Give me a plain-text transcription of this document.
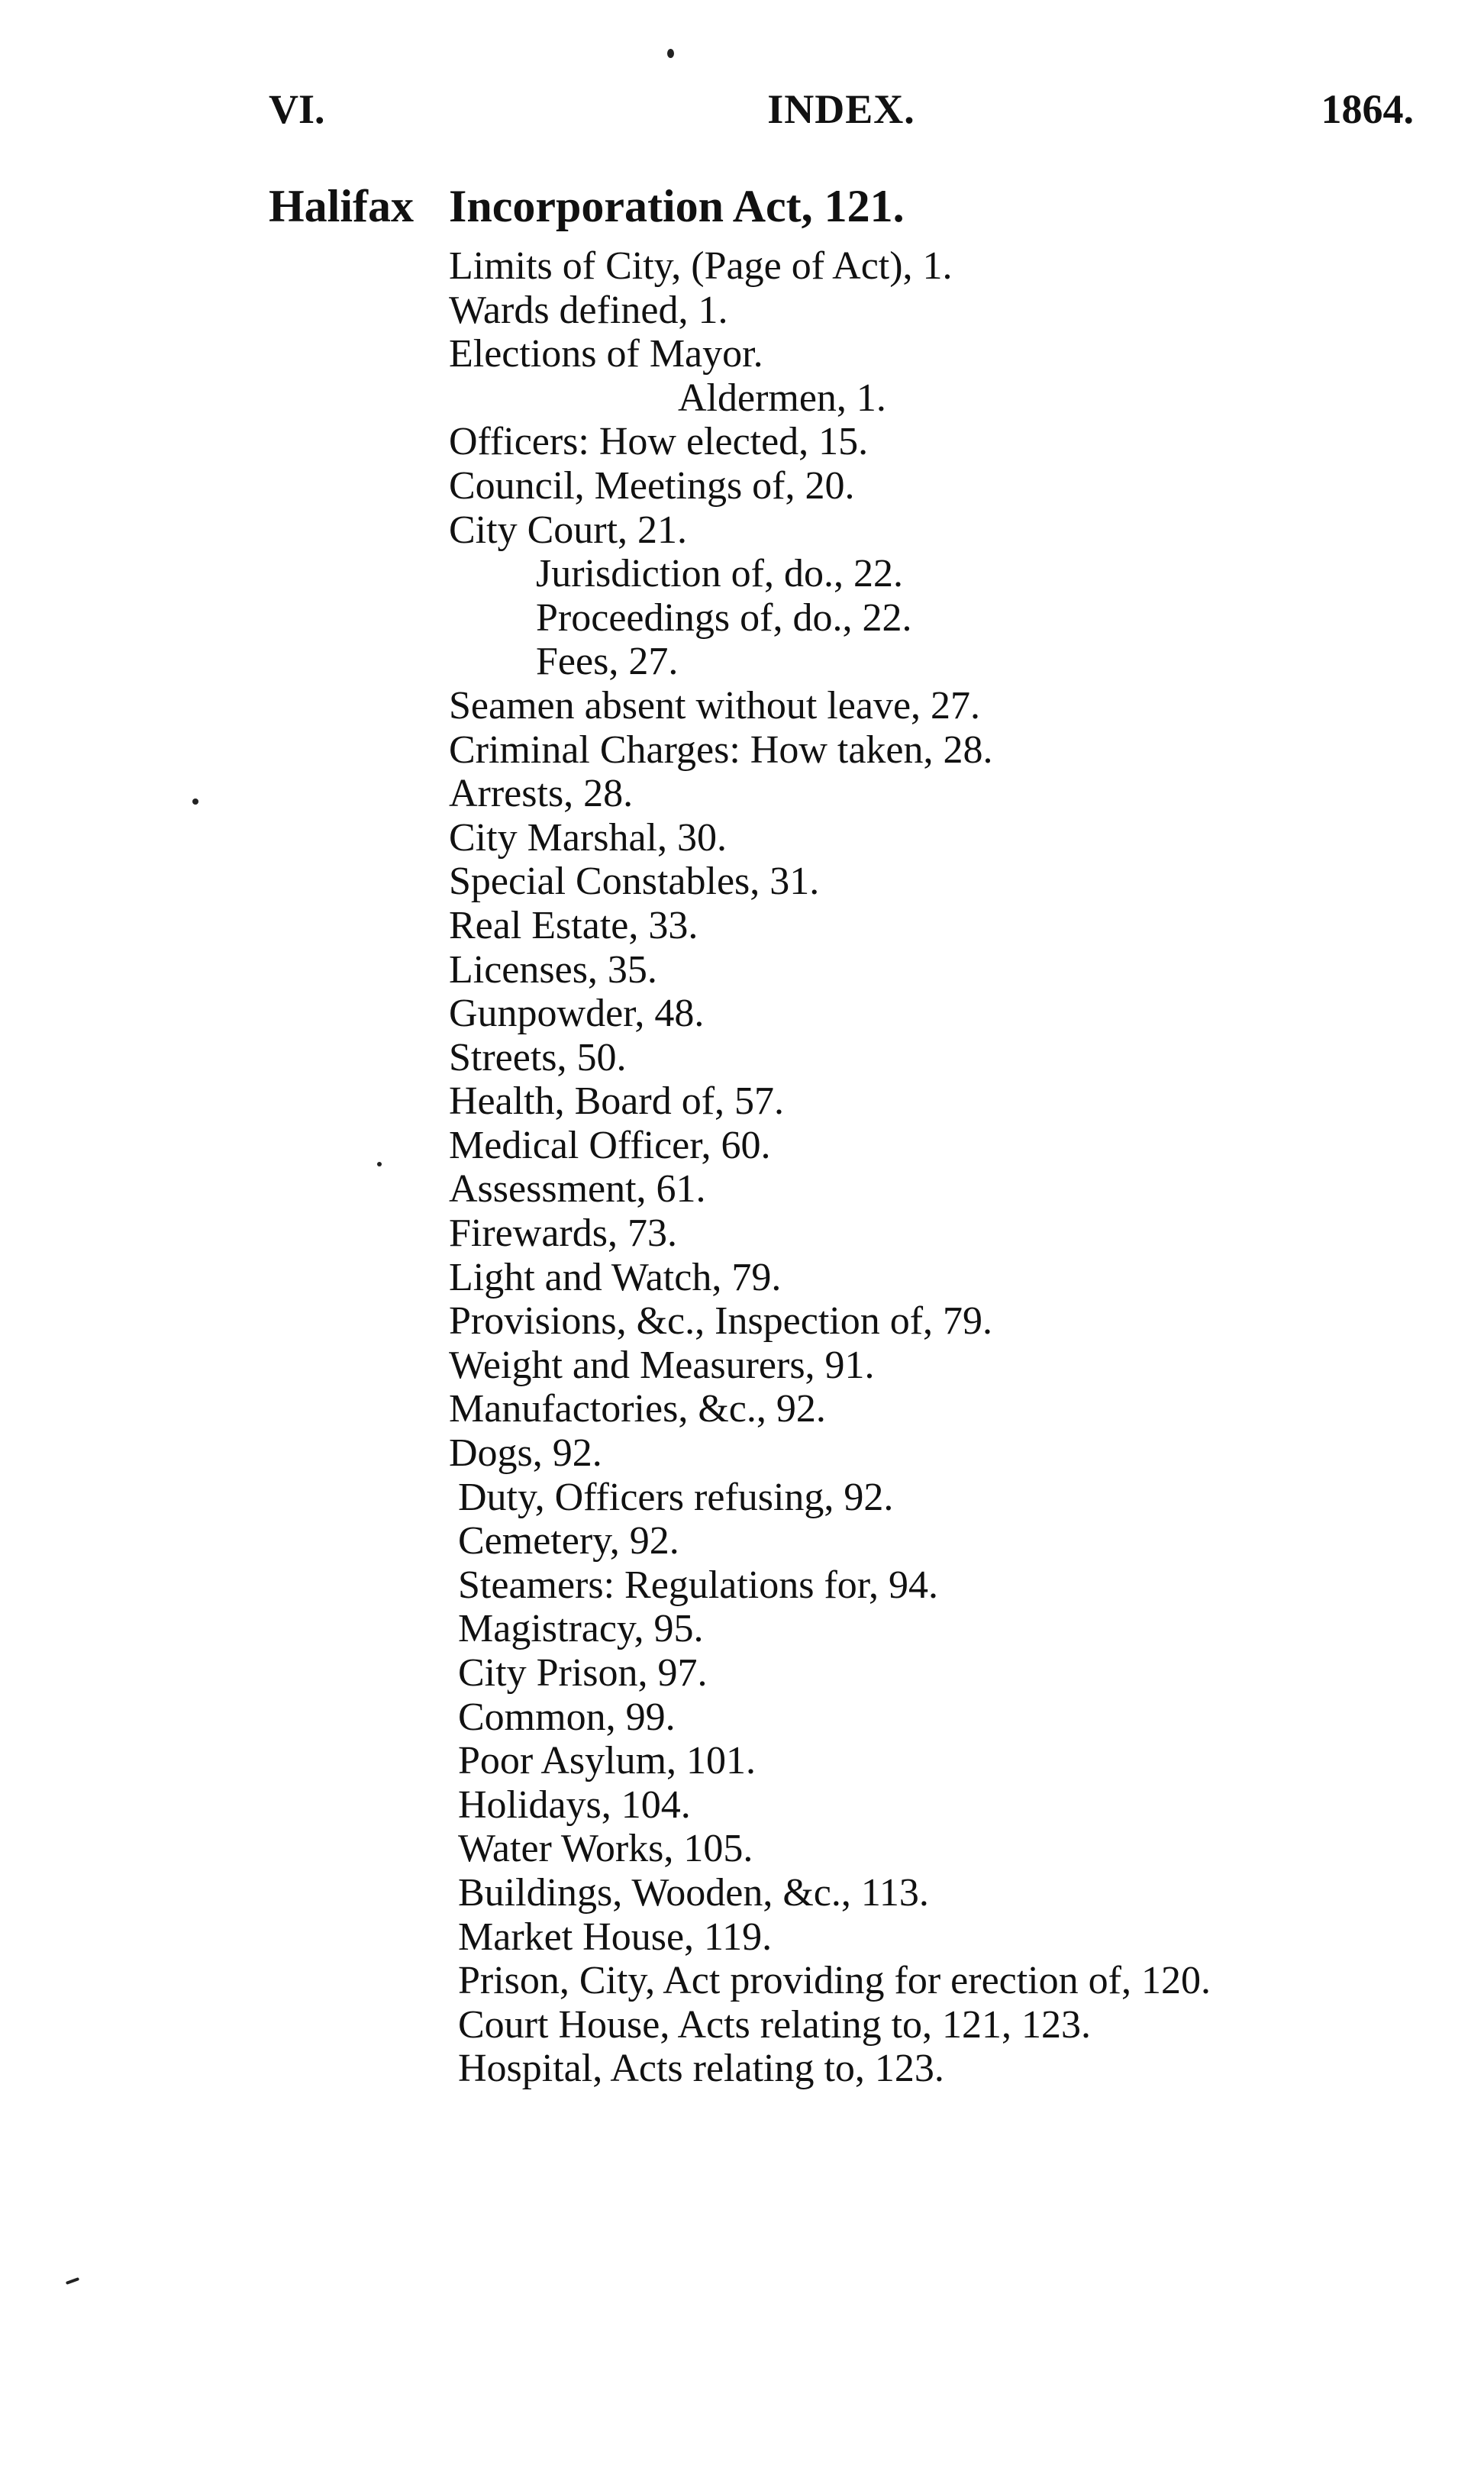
VI.	INDEX.	1864.
Halifax Incorporation Act, 121.
Limits of City, (Page of Act), 1.
Wards defined, 1.
Elections of Mayor.
Aldermen, 1.
Officers: How elected, 15.
Council, Meetings of, 20.
City Court, 21.
Jurisdiction of, do., 22.
Proceedings of, do., 22.
Fees, 27.
Seamen absent without leave, 27.
Criminal Charges: How taken, 28.
Arrests, 28.
City Marshal, 30.
Special Constables, 31.
Real Estate, 33.
Licenses, 35.
Gunpowder, 48.
Streets, 50.
Health, Board of, 57.
Medical Officer, 60.
Assessment, 61.
Firewards, 73.
Light and Watch, 79.
Provisions, &c., Inspection of, 79.
Weight and Measurers, 91.
Manufactories, &c., 92.
Dogs, 92.
Duty, Officers refusing, 92.
Cemetery, 92.
Steamers: Regulations for, 94.
Magistracy, 95.
City Prison, 97.
Common, 99.
Poor Asylum, 101.
Holidays, 104.
Water Works, 105.
Buildings, Wooden, &c., 113.
Market House, 119.
Prison, City, Act providing for erection of, 120.
Court House, Acts relating to, 121, 123.
Hospital, Acts relating to, 123.
